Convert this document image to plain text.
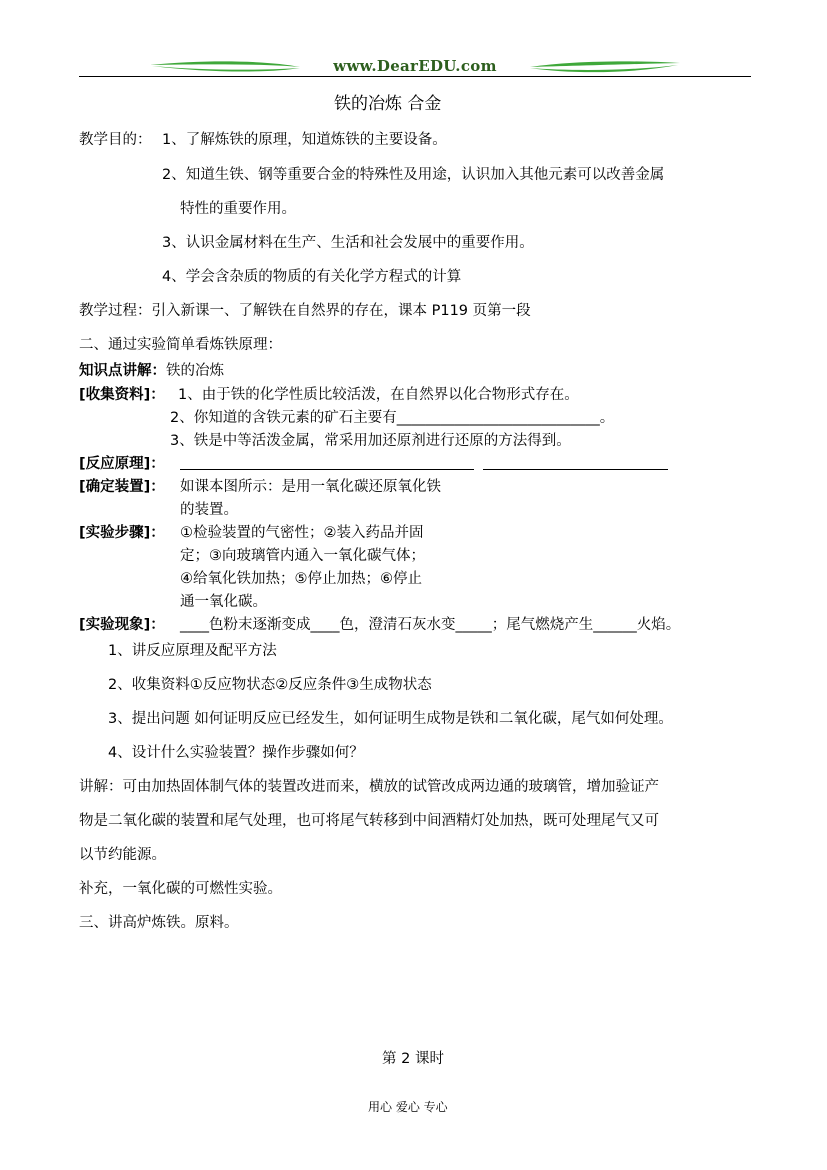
www.DearEDU.com
铁的冶炼 合金
教学目的： 1、了解炼铁的原理，知道炼铁的主要设备。
2、知道生铁、钢等重要合金的特殊性及用途，认识加入其他元素可以改善金属
特性的重要作用。
3、认识金属材料在生产、生活和社会发展中的重要作用。
4、学会含杂质的物质的有关化学方程式的计算
教学过程：引入新课一、了解铁在自然界的存在，课本 P119 页第一段
二、通过实验简单看炼铁原理：
知识点讲解：铁的冶炼
[收集资料]： 1、由于铁的化学性质比较活泼，在自然界以化合物形式存在。
2、你知道的含铁元素的矿石主要有____________________________。
3、铁是中等活泼金属，常采用加还原剂进行还原的方法得到。
[反应原理]：
[确定装置]： 如课本图所示：是用一氧化碳还原氧化铁
的装置。
[实验步骤]： ①检验装置的气密性；②装入药品并固
定；③向玻璃管内通入一氧化碳气体；
④给氧化铁加热；⑤停止加热；⑥停止
通一氧化碳。
[实验现象]： ____色粉末逐渐变成____色，澄清石灰水变_____；尾气燃烧产生______火焰。
1、讲反应原理及配平方法
2、收集资料①反应物状态②反应条件③生成物状态
3、提出问题 如何证明反应已经发生，如何证明生成物是铁和二氧化碳，尾气如何处理。
4、设计什么实验装置？操作步骤如何？
讲解：可由加热固体制气体的装置改进而来，横放的试管改成两边通的玻璃管，增加验证产
物是二氧化碳的装置和尾气处理，也可将尾气转移到中间酒精灯处加热，既可处理尾气又可
以节约能源。
补充，一氧化碳的可燃性实验。
三、讲高炉炼铁。原料。
第 2 课时
用心 爱心 专心
